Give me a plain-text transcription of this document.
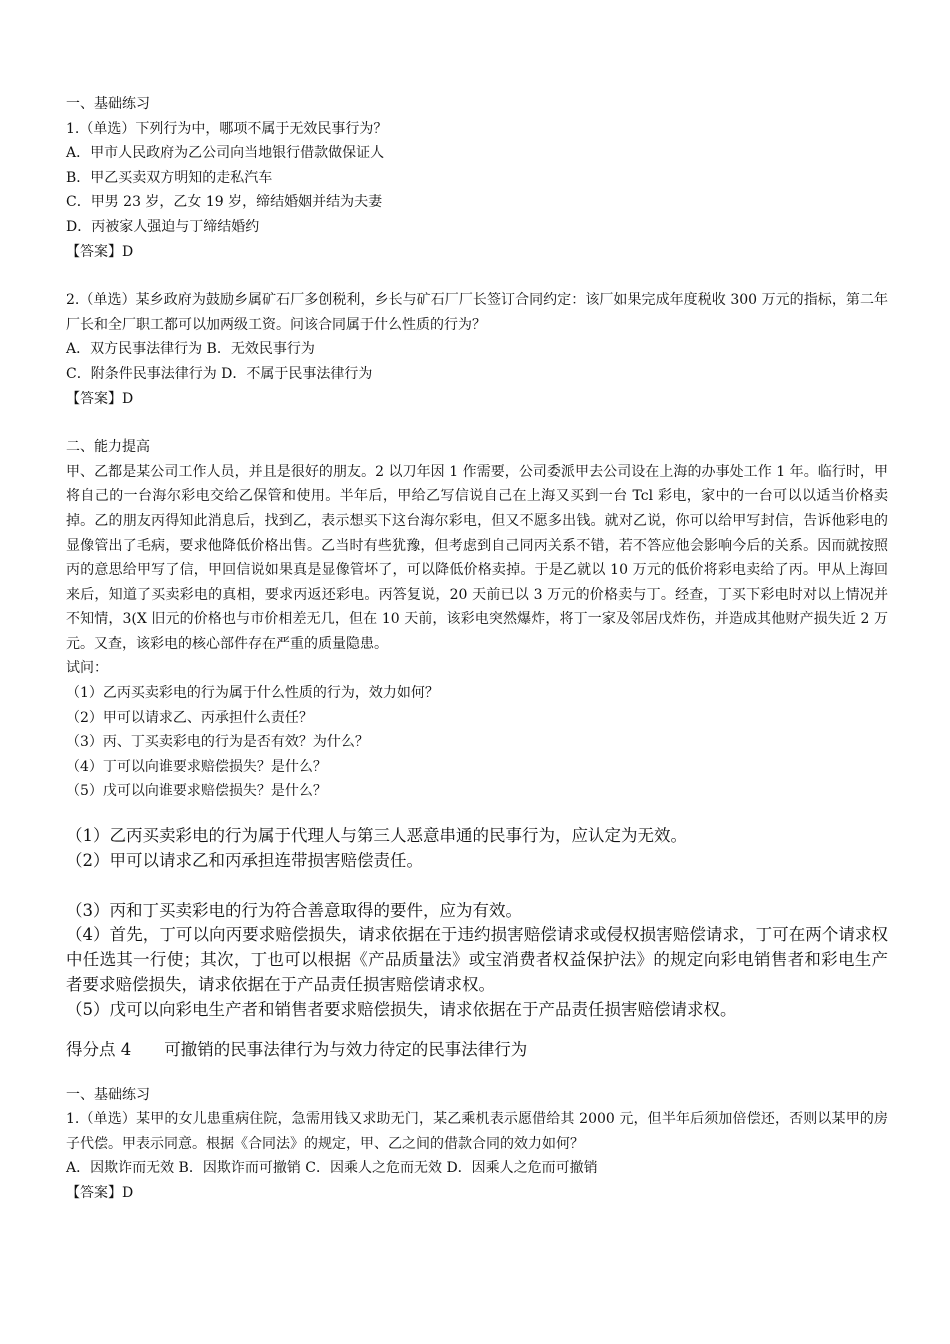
一、基础练习
1.（单选）下列行为中，哪项不属于无效民事行为？
A．甲市人民政府为乙公司向当地银行借款做保证人
B．甲乙买卖双方明知的走私汽车
C．甲男 23 岁，乙女 19 岁，缔结婚姻并结为夫妻
D．丙被家人强迫与丁缔结婚约
【答案】D
2.（单选）某乡政府为鼓励乡属矿石厂多创税利，乡长与矿石厂厂长签订合同约定：该厂如果完成年度税收 300 万元的指标，第二年厂长和全厂职工都可以加两级工资。问该合同属于什么性质的行为？
A．双方民事法律行为 B．无效民事行为
C．附条件民事法律行为 D．不属于民事法律行为
【答案】D
二、能力提高
甲、乙都是某公司工作人员，并且是很好的朋友。2 以刀年因 1 作需要，公司委派甲去公司设在上海的办事处工作 1 年。临行时，甲将自己的一台海尔彩电交给乙保管和使用。半年后，甲给乙写信说自己在上海又买到一台 Tcl 彩电，家中的一台可以以适当价格卖掉。乙的朋友丙得知此消息后，找到乙，表示想买下这台海尔彩电，但又不愿多出钱。就对乙说，你可以给甲写封信，告诉他彩电的显像管出了毛病，要求他降低价格出售。乙当时有些犹豫，但考虑到自己同丙关系不错，若不答应他会影响今后的关系。因而就按照丙的意思给甲写了信，甲回信说如果真是显像管坏了，可以降低价格卖掉。于是乙就以 10 万元的低价将彩电卖给了丙。甲从上海回来后，知道了买卖彩电的真相，要求丙返还彩电。丙答复说，20 天前已以 3 万元的价格卖与丁。经查，丁买下彩电时对以上情况并不知情，3(X 旧元的价格也与市价相差无几，但在 10 天前，该彩电突然爆炸，将丁一家及邻居戊炸伤，并造成其他财产损失近 2 万元。又查，该彩电的核心部件存在严重的质量隐患。
试问：
（1）乙丙买卖彩电的行为属于什么性质的行为，效力如何？
（2）甲可以请求乙、丙承担什么责任？
（3）丙、丁买卖彩电的行为是否有效？为什么？
（4）丁可以向谁要求赔偿损失？是什么？
（5）戊可以向谁要求赔偿损失？是什么？
（1）乙丙买卖彩电的行为属于代理人与第三人恶意串通的民事行为，应认定为无效。
（2）甲可以请求乙和丙承担连带损害赔偿责任。
（3）丙和丁买卖彩电的行为符合善意取得的要件，应为有效。
（4）首先，丁可以向丙要求赔偿损失，请求依据在于违约损害赔偿请求或侵权损害赔偿请求，丁可在两个请求权中任选其一行使；其次，丁也可以根据《产品质量法》或宝消费者权益保护法》的规定向彩电销售者和彩电生产者要求赔偿损失，请求依据在于产品责任损害赔偿请求权。
（5）戊可以向彩电生产者和销售者要求赔偿损失，请求依据在于产品责任损害赔偿请求权。
得分点 4　　可撤销的民事法律行为与效力待定的民事法律行为
一、基础练习
1.（单选）某甲的女儿患重病住院，急需用钱又求助无门，某乙乘机表示愿借给其 2000 元，但半年后须加倍偿还，否则以某甲的房子代偿。甲表示同意。根据《合同法》的规定，甲、乙之间的借款合同的效力如何？
A．因欺诈而无效 B．因欺诈而可撤销 C．因乘人之危而无效 D．因乘人之危而可撤销
【答案】D
